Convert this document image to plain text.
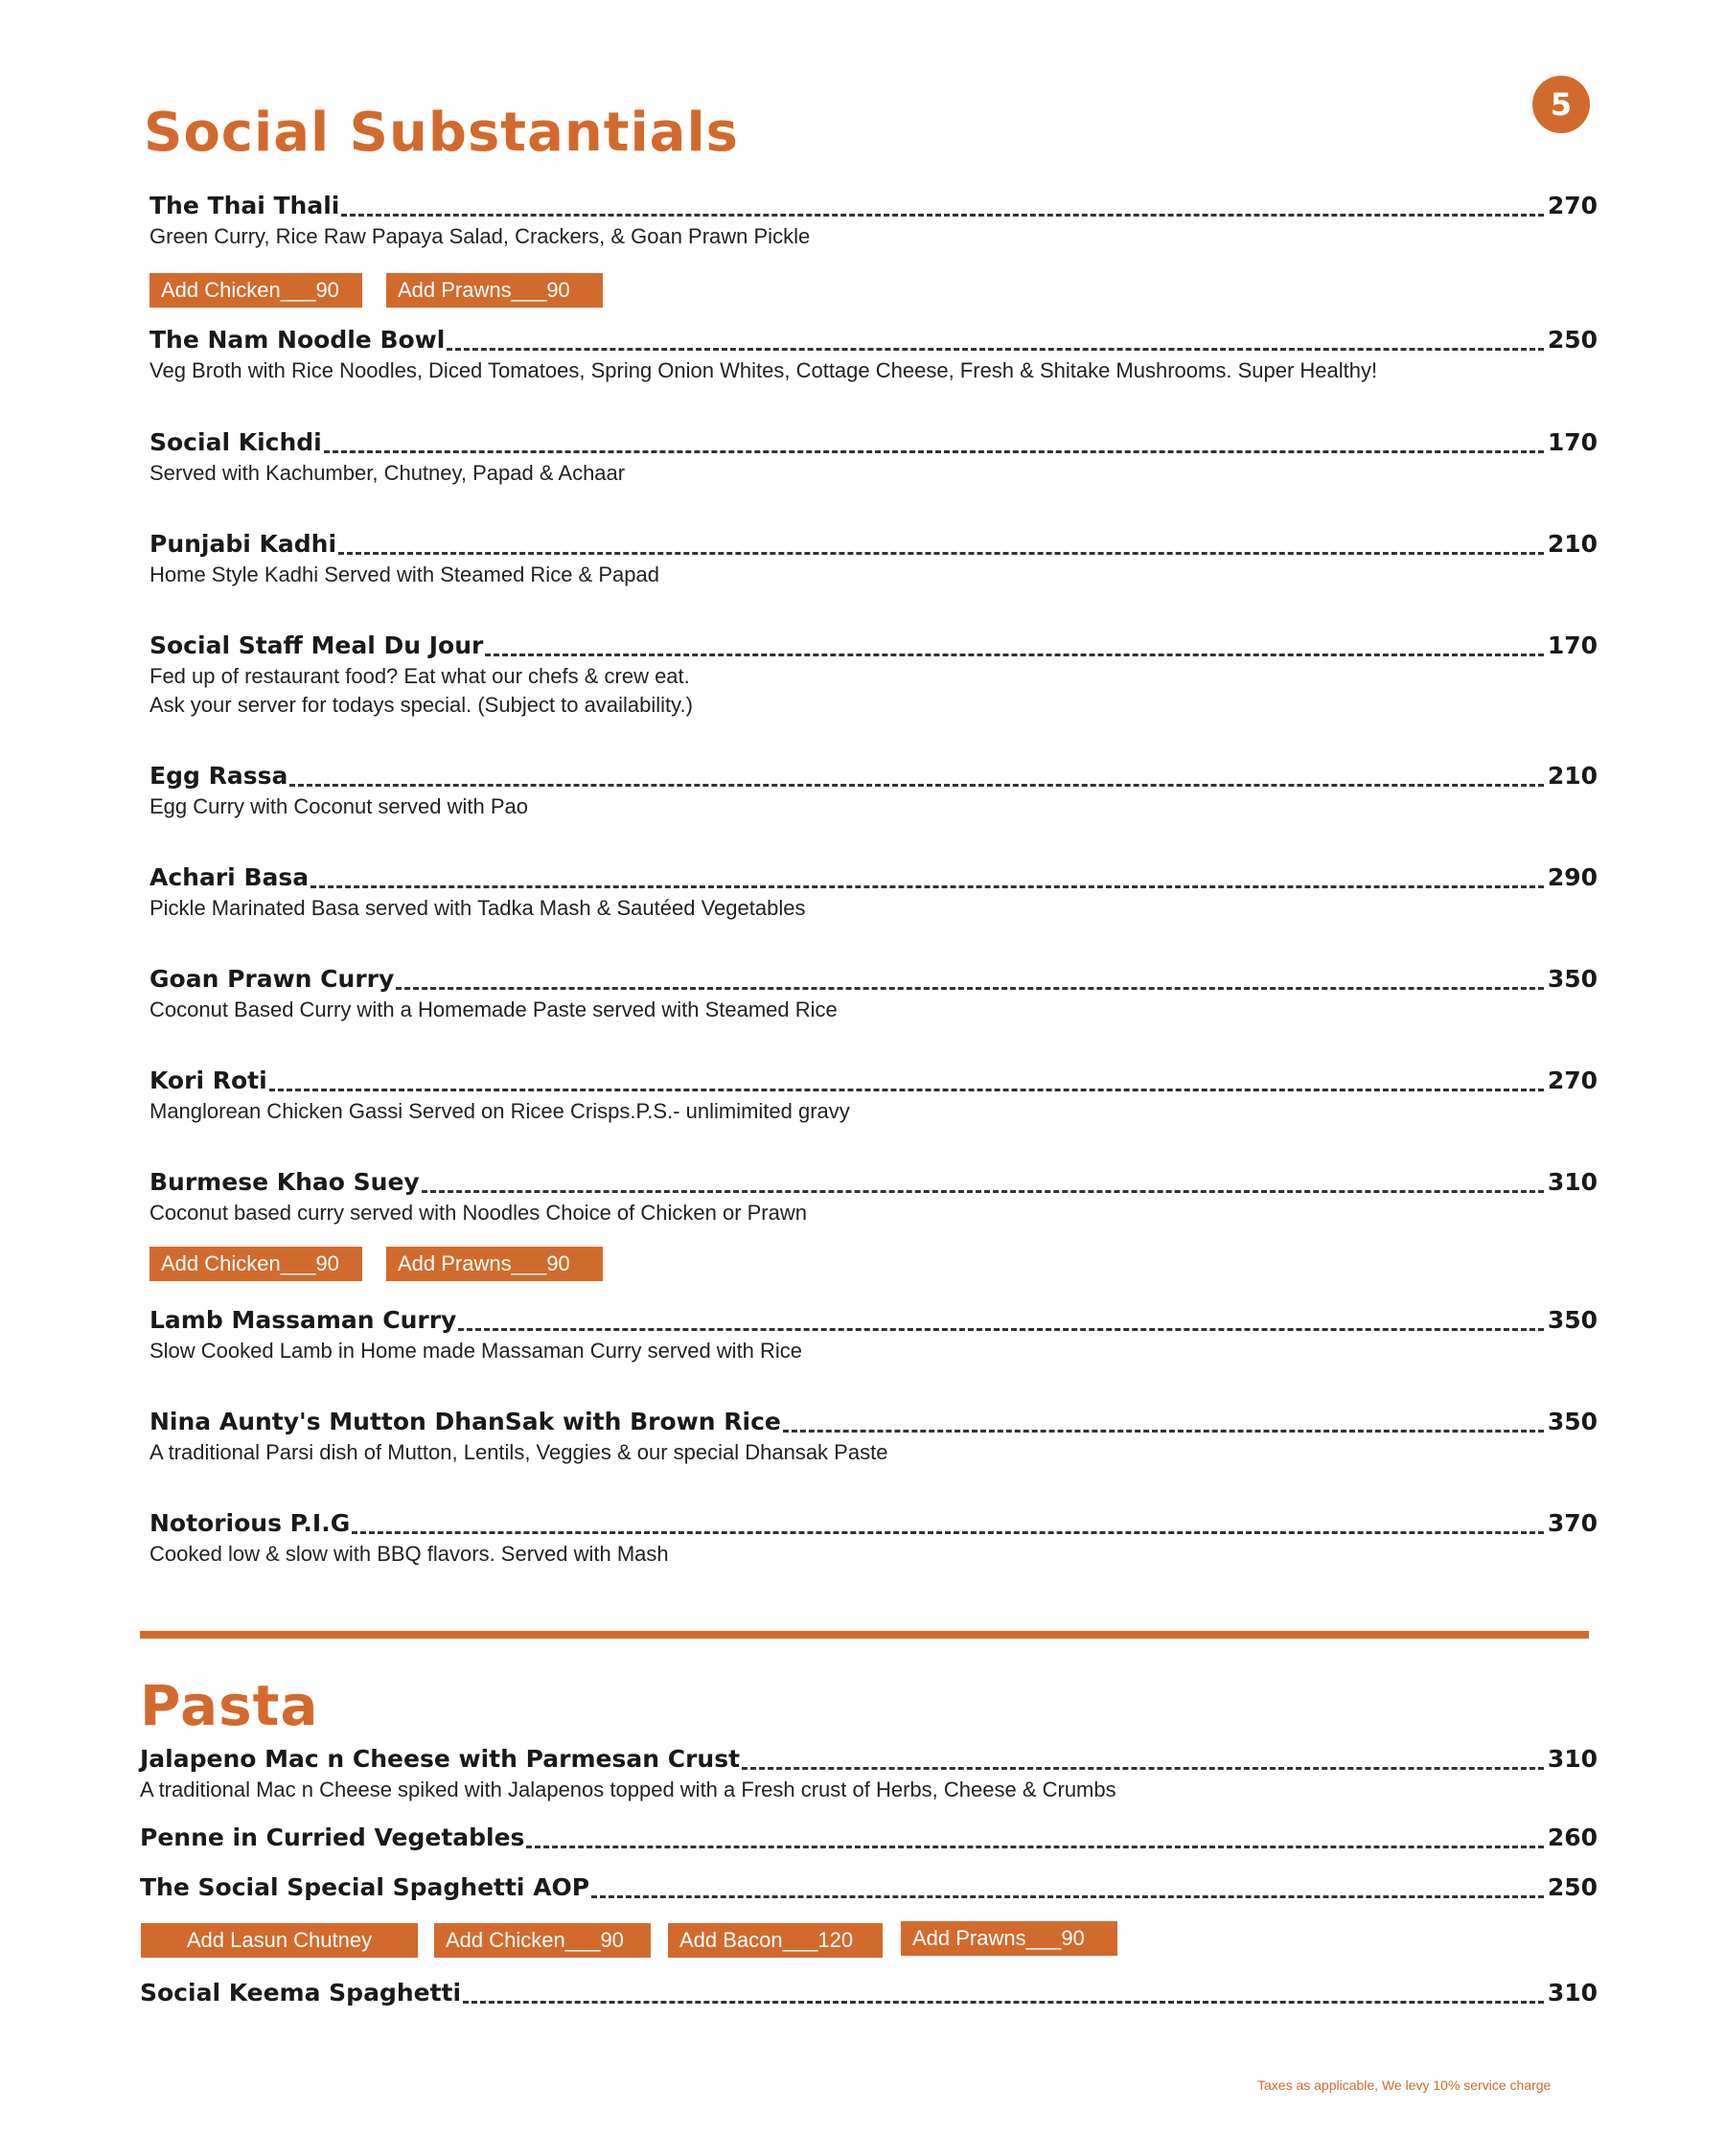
5
Social Substantials
The Thai Thali	270
Green Curry, Rice Raw Papaya Salad, Crackers, & Goan Prawn Pickle
Add Chicken___90	Add Prawns___90
The Nam Noodle Bowl	250
Veg Broth with Rice Noodles, Diced Tomatoes, Spring Onion Whites, Cottage Cheese, Fresh & Shitake Mushrooms. Super Healthy!
Social Kichdi	170
Served with Kachumber, Chutney, Papad & Achaar
Punjabi Kadhi	210
Home Style Kadhi Served with Steamed Rice & Papad
Social Staff Meal Du Jour	170
Fed up of restaurant food? Eat what our chefs & crew eat.
Ask your server for todays special. (Subject to availability.)
Egg Rassa	210
Egg Curry with Coconut served with Pao
Achari Basa	290
Pickle Marinated Basa served with Tadka Mash & Sautéed Vegetables
Goan Prawn Curry	350
Coconut Based Curry with a Homemade Paste served with Steamed Rice
Kori Roti	270
Manglorean Chicken Gassi Served on Ricee Crisps.P.S.- unlimimited gravy
Burmese Khao Suey	310
Coconut based curry served with Noodles Choice of Chicken or Prawn
Add Chicken___90	Add Prawns___90
Lamb Massaman Curry	350
Slow Cooked Lamb in Home made Massaman Curry served with Rice
Nina Aunty's Mutton DhanSak with Brown Rice	350
A traditional Parsi dish of Mutton, Lentils, Veggies & our special Dhansak Paste
Notorious P.I.G	370
Cooked low & slow with BBQ flavors. Served with Mash
Pasta
Jalapeno Mac n Cheese with Parmesan Crust	310
A traditional Mac n Cheese spiked with Jalapenos topped with a Fresh crust of Herbs, Cheese & Crumbs
Penne in Curried Vegetables	260
The Social Special Spaghetti AOP	250
Add Lasun Chutney	Add Chicken___90	Add Bacon___120	Add Prawns___90
Social Keema Spaghetti	310
Taxes as applicable, We levy 10% service charge
